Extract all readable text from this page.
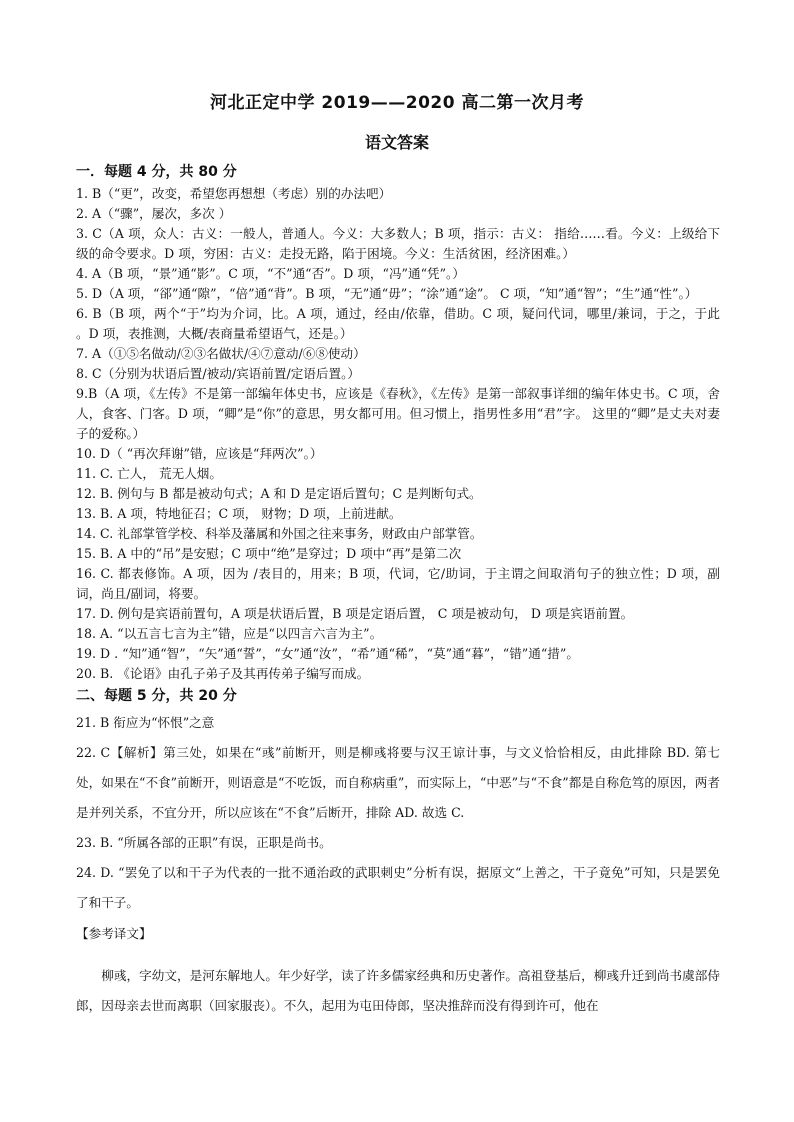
河北正定中学 2019——2020 高二第一次月考
语文答案
一．每题 4 分，共 80 分

1. B（“更”，改变，希望您再想想（考虑）别的办法吧）

2. A（“骤”，屡次，多次 ）

3. C（A 项，众人：古义：一般人，普通人。今义：大多数人；B 项，指示：古义： 指给……看。今义：上级给下级的命令要求。D 项，穷困：古义：走投无路，陷于困境。今义：生活贫困，经济困难。）

4. A（B 项，“景”通“影”。C 项，“不”通“否”。D 项，“冯”通“凭”。）

5. D（A 项，“郤”通“隙”，“倍”通“背”。B 项，“无”通“毋”；“涂”通“途”。 C 项，“知”通“智”；“生”通“性”。）

6. B（B 项，两个“于”均为介词，比。A 项，通过，经由/依靠，借助。C 项，疑问代词，哪里/兼词，于之，于此 。D 项，表推测，大概/表商量希望语气，还是。）

7. A（①⑤名做动/②③名做状/④⑦意动/⑥⑧使动）

8. C（分别为状语后置/被动/宾语前置/定语后置。）

9.B（A 项，《左传》不是第一部编年体史书，应该是《春秋》，《左传》是第一部叙事详细的编年体史书。C 项，舍人，食客、门客。D 项，“卿”是“你”的意思，男女都可用。但习惯上，指男性多用“君”字。 这里的“卿”是丈夫对妻子的爱称。）

10. D（ “再次拜谢”错，应该是“拜两次”。）

11. C. 亡人， 荒无人烟。

12. B. 例句与 B 都是被动句式；A 和 D 是定语后置句；C 是判断句式。

13. B. A 项，特地征召；C 项， 财物；D 项，上前进献。

14. C. 礼部掌管学校、科举及藩属和外国之往来事务，财政由户部掌管。

15. B. A 中的“吊”是安慰；C 项中“绝”是穿过；D 项中“再”是第二次

16. C. 都表修饰。A 项，因为 /表目的，用来；B 项，代词，它/助词，于主谓之间取消句子的独立性；D 项，副词，尚且/副词，将要。

17. D. 例句是宾语前置句，A 项是状语后置，B 项是定语后置， C 项是被动句， D 项是宾语前置。

18. A. “以五言七言为主”错，应是“以四言六言为主”。

19. D . “知”通“智”，“矢”通“誓”，“女”通“汝”，“希”通“稀”，“莫”通“暮”，“错”通“措”。

20. B. 《论语》由孔子弟子及其再传弟子编写而成。

二、每题 5 分，共 20 分

21. B 衔应为“怀恨”之意

22. C【解析】第三处，如果在“彧”前断开，则是柳彧将要与汉王谅计事，与文义恰恰相反，由此排除 BD. 第七处，如果在“不食”前断开，则语意是“不吃饭，而自称病重”，而实际上，“中恶”与“不食”都是自称危笃的原因，两者是并列关系，不宜分开，所以应该在“不食”后断开，排除 AD. 故选 C.

23. B. “所属各部的正职”有误，正职是尚书。

24. D. “罢免了以和干子为代表的一批不通治政的武职刺史”分析有误，据原文“上善之，干子竟免”可知，只是罢免了和干子。

【参考译文】

柳彧，字幼文，是河东解地人。年少好学，读了许多儒家经典和历史著作。高祖登基后，柳彧升迁到尚书虞部侍郎，因母亲去世而离职（回家服丧）。不久，起用为屯田侍郎，坚决推辞而没有得到许可，他在
